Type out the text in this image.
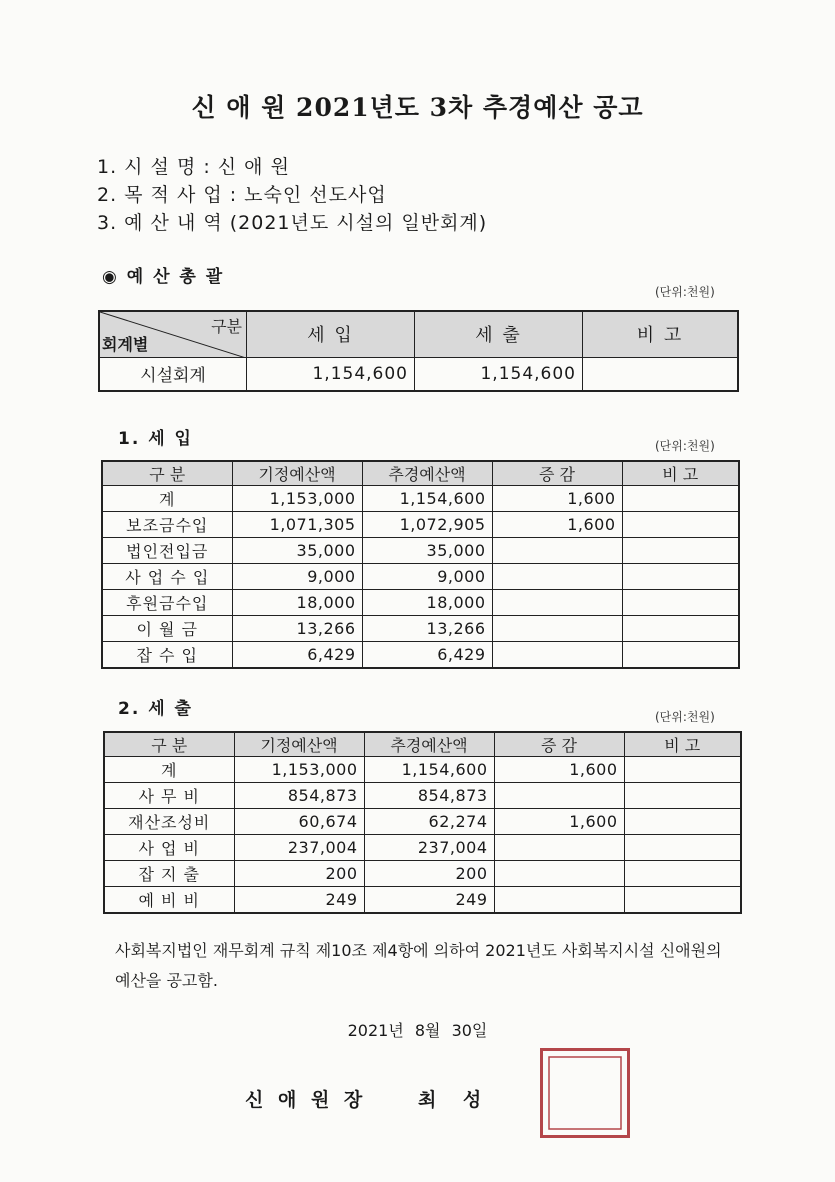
신 애 원 2021년도 3차 추경예산 공고
1. 시 설 명 : 신 애 원
2. 목 적 사 업 : 노숙인 선도사업
3. 예 산 내 역 (2021년도 시설의 일반회계)
◉ 예 산 총 괄
(단위:천원)
구분
회계별	세 입	세 출	비 고
시설회계	1,154,600	1,154,600	
1. 세 입	(단위:천원)
구 분	기정예산액	추경예산액	증 감	비 고
계	1,153,000	1,154,600	1,600	
보조금수입	1,071,305	1,072,905	1,600	
법인전입금	35,000	35,000		
사 업 수 입	9,000	9,000		
후원금수입	18,000	18,000		
이 월 금	13,266	13,266		
잡 수 입	6,429	6,429		
2. 세 출	(단위:천원)
구 분	기정예산액	추경예산액	증 감	비 고
계	1,153,000	1,154,600	1,600	
사 무 비	854,873	854,873		
재산조성비	60,674	62,274	1,600	
사 업 비	237,004	237,004		
잡 지 출	200	200		
예 비 비	249	249		
사회복지법인 재무회계 규칙 제10조 제4항에 의하여 2021년도 사회복지시설 신애원의 예산을 공고함.
2021년 8월 30일
신 애 원 장	최    성
